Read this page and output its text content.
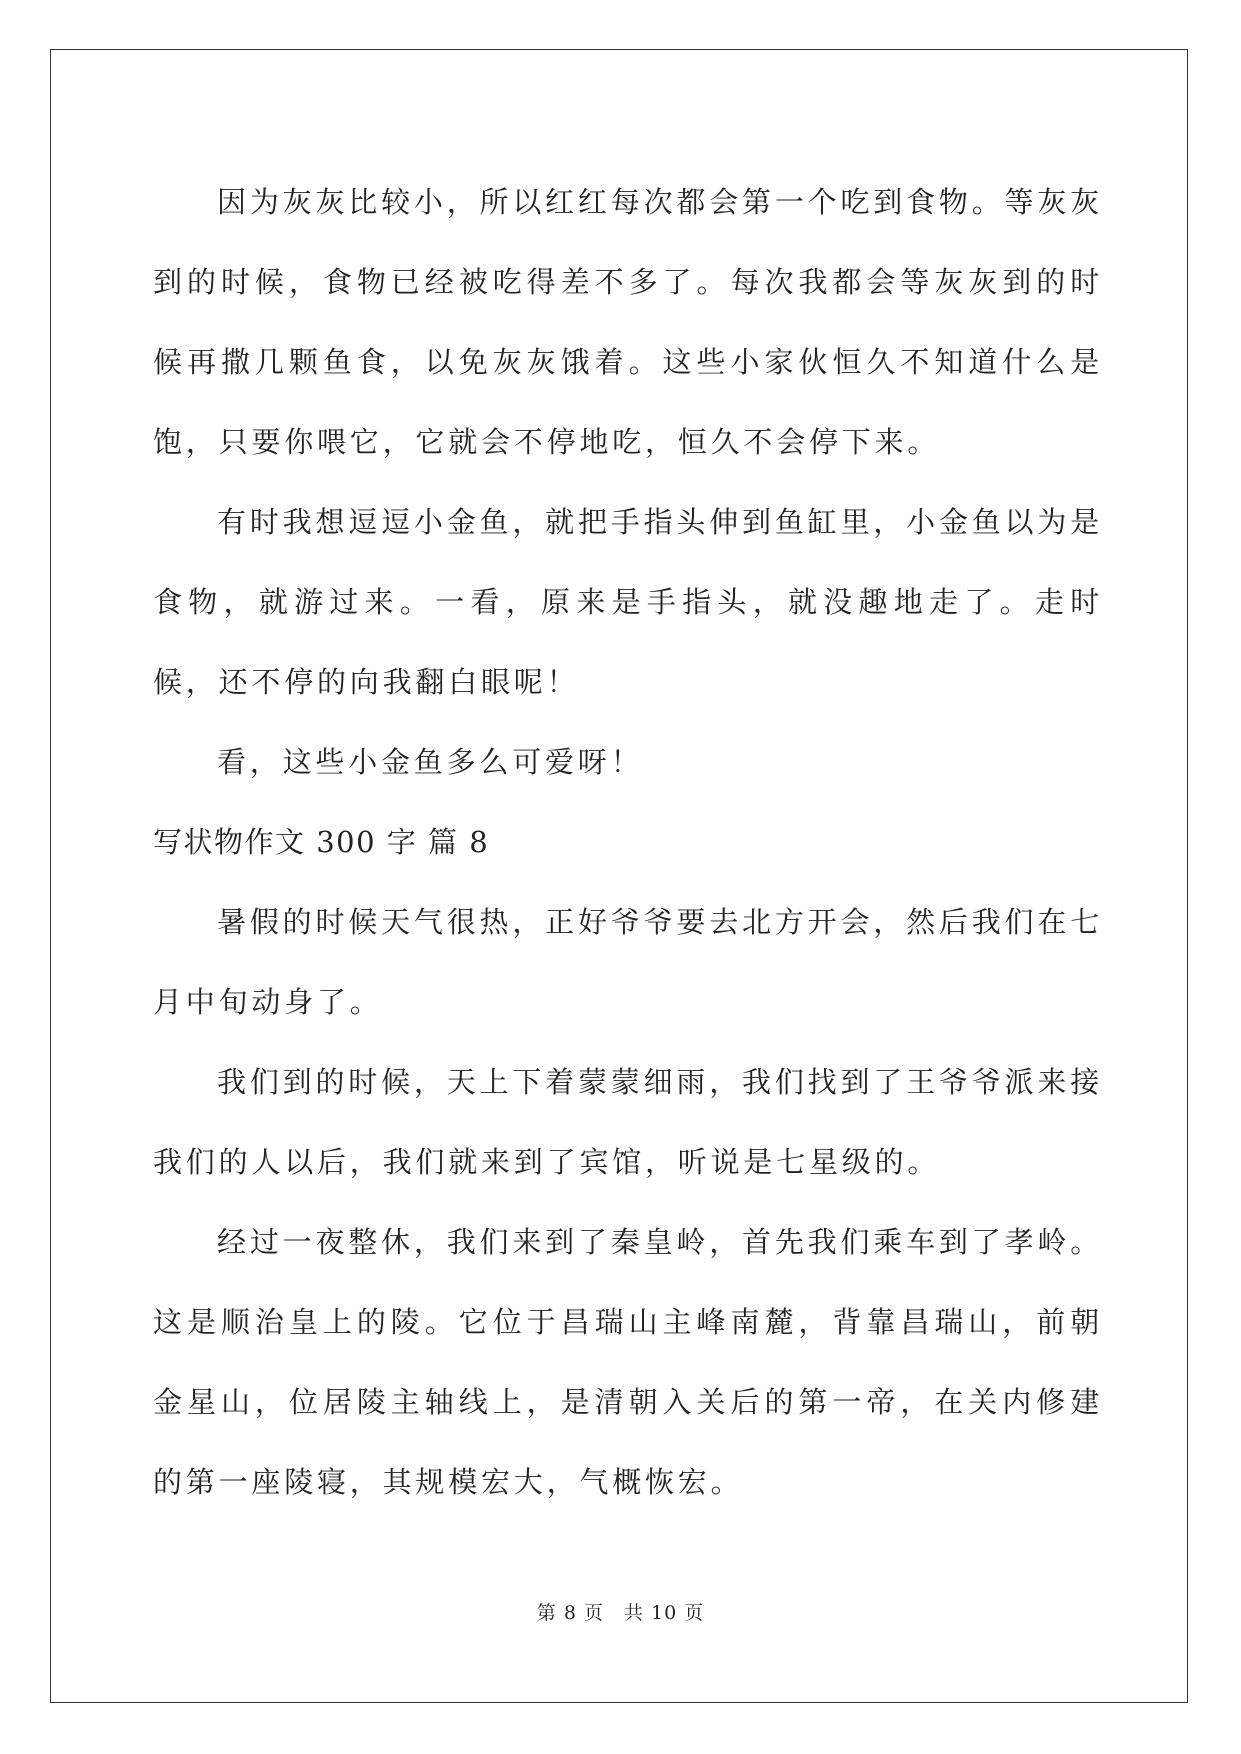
因为灰灰比较小，所以红红每次都会第一个吃到食物。等灰灰到的时候，食物已经被吃得差不多了。每次我都会等灰灰到的时候再撒几颗鱼食，以免灰灰饿着。这些小家伙恒久不知道什么是饱，只要你喂它，它就会不停地吃，恒久不会停下来。

有时我想逗逗小金鱼，就把手指头伸到鱼缸里，小金鱼以为是食物，就游过来。一看，原来是手指头，就没趣地走了。走时候，还不停的向我翻白眼呢！

看，这些小金鱼多么可爱呀！

写状物作文 300 字 篇 8

暑假的时候天气很热，正好爷爷要去北方开会，然后我们在七月中旬动身了。

我们到的时候，天上下着蒙蒙细雨，我们找到了王爷爷派来接我们的人以后，我们就来到了宾馆，听说是七星级的。

经过一夜整休，我们来到了秦皇岭，首先我们乘车到了孝岭。这是顺治皇上的陵。它位于昌瑞山主峰南麓，背靠昌瑞山，前朝金星山，位居陵主轴线上，是清朝入关后的第一帝，在关内修建的第一座陵寝，其规模宏大，气概恢宏。

第 8 页 共 10 页
